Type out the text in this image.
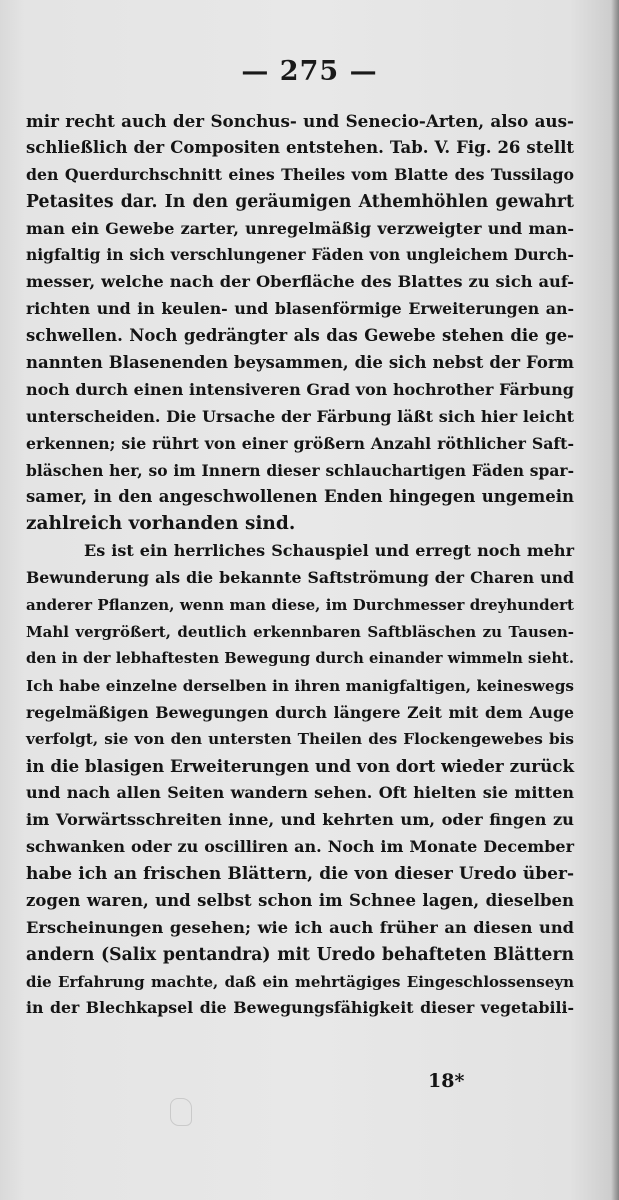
— 275 —
mir recht auch der Sonchus- und Senecio-Arten, also aus-
schließlich der Compositen entstehen. Tab. V. Fig. 26 stellt
den Querdurchschnitt eines Theiles vom Blatte des Tussilago
Petasites dar. In den geräumigen Athemhöhlen gewahrt
man ein Gewebe zarter, unregelmäßig verzweigter und man-
nigfaltig in sich verschlungener Fäden von ungleichem Durch-
messer, welche nach der Oberfläche des Blattes zu sich auf-
richten und in keulen- und blasenförmige Erweiterungen an-
schwellen. Noch gedrängter als das Gewebe stehen die ge-
nannten Blasenenden beysammen, die sich nebst der Form
noch durch einen intensiveren Grad von hochrother Färbung
unterscheiden. Die Ursache der Färbung läßt sich hier leicht
erkennen; sie rührt von einer größern Anzahl röthlicher Saft-
bläschen her, so im Innern dieser schlauchartigen Fäden spar-
samer, in den angeschwollenen Enden hingegen ungemein
zahlreich vorhanden sind.
Es ist ein herrliches Schauspiel und erregt noch mehr
Bewunderung als die bekannte Saftströmung der Charen und
anderer Pflanzen, wenn man diese, im Durchmesser dreyhundert
Mahl vergrößert, deutlich erkennbaren Saftbläschen zu Tausen-
den in der lebhaftesten Bewegung durch einander wimmeln sieht.
Ich habe einzelne derselben in ihren manigfaltigen, keineswegs
regelmäßigen Bewegungen durch längere Zeit mit dem Auge
verfolgt, sie von den untersten Theilen des Flockengewebes bis
in die blasigen Erweiterungen und von dort wieder zurück
und nach allen Seiten wandern sehen. Oft hielten sie mitten
im Vorwärtsschreiten inne, und kehrten um, oder fingen zu
schwanken oder zu oscilliren an. Noch im Monate December
habe ich an frischen Blättern, die von dieser Uredo über-
zogen waren, und selbst schon im Schnee lagen, dieselben
Erscheinungen gesehen; wie ich auch früher an diesen und
andern (Salix pentandra) mit Uredo behafteten Blättern
die Erfahrung machte, daß ein mehrtägiges Eingeschlossenseyn
in der Blechkapsel die Bewegungsfähigkeit dieser vegetabili-
18*
